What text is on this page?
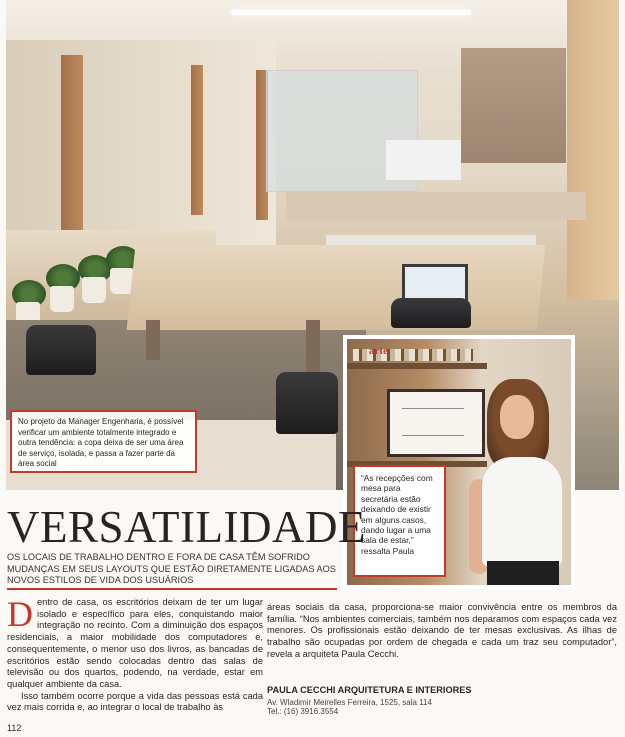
No projeto da Manager Engenharia, é possível verificar um ambiente totalmente integrado e outra tendência: a copa deixa de ser uma área de serviço, isolada, e passa a fazer parte da área social
arte
“As recepções com mesa para secretária estão deixando de existir em alguns casos, dando lugar a uma sala de estar,” ressalta Paula
VERSATILIDADE
OS LOCAIS DE TRABALHO DENTRO E FORA DE CASA TÊM SOFRIDO MUDANÇAS EM SEUS LAYOUTS QUE ESTÃO DIRETAMENTE LIGADAS AOS NOVOS ESTILOS DE VIDA DOS USUÁRIOS

Dentro de casa, os escritórios deixam de ter um lugar isolado e específico para eles, conquistando maior integração no recinto. Com a diminuição dos espaços residenciais, a maior mobilidade dos computadores e, consequentemente, o menor uso dos livros, as bancadas de escritórios estão sendo colocadas dentro das salas de televisão ou dos quartos, podendo, na verdade, estar em qualquer ambiente da casa.

Isso também ocorre porque a vida das pessoas está cada vez mais corrida e, ao integrar o local de trabalho às

áreas sociais da casa, proporciona-se maior convivência entre os membros da família. “Nos ambientes comerciais, também nos deparamos com espaços cada vez menores. Os profissionais estão deixando de ter mesas exclusivas. As ilhas de trabalho são ocupadas por ordem de chegada e cada um traz seu computador”, revela a arquiteta Paula Cecchi.

PAULA CECCHI ARQUITETURA E INTERIORES

Av. Wladimir Meirelles Ferreira, 1525, sala 114

Tel.: (16) 3916.3554

112
